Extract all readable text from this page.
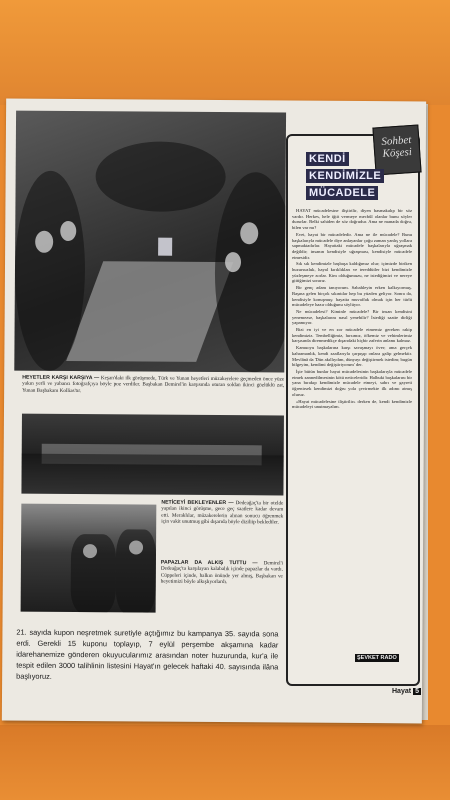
HEYETLER KARŞI KARŞIYA — Keşan'daki ilk görüşmede, Türk ve Yunan heyetleri müzakerelere geçmeden önce yüze yakın yerli ve yabancı fotoğrafçıya böyle poz verdiler. Başbakan Demirel'in karşısında oturan soldan ikinci gözlüklü zat, Yunan Başbakanı Kollias'tır.
NETİCEYİ BEKLEYENLER — Dedeağaç'ta bir otelde yapılan ikinci görüşme, gece geç saatlere kadar devam etti. Meraklılar, müzakerelerin alınan sonucu öğrenmek için vakit unutmuş gibi dışarıda böyle diziliip beklediler.
PAPAZLAR DA ALKIŞ TUTTU — Demirel'i Dedeağaç'ta karşılayan kalabalık içinde papazlar da vardı. Cüppeleri içinde, halkın önünde yer almış, Başbakan ve heyetimizi böyle alkışlıyorlardı.
21. sayıda kupon neşretmek suretiyle açtığımız bu kampanya 35. sayıda sona erdi. Gerekli 15 kuponu toplayıp, 7 eylül perşembe akşamına kadar idarehanemize gönderen okuyucularımız arasından noter huzurunda, kur'a ile tespit edilen 3000 talihlinin listesini Hayat'ın gelecek haftaki 40. sayısında ilâna başlıyoruz.
Sohbet
Köşesi
KENDİ
KENDİMİZLE
MÜCADELE

HAYAT mücadelesine iliştirilir, diyen basmakalıp bir söz vardır. Herkes, hele iğtit vermeye mecbûl olanlar bunu söyler dururlar. Belki sahiden de söz doğrudur. Ama ne manada doğru, bilen var mı?

Evet, hayat bir mücadeledir. Ama ne ile mücadele? Bunu başkalarıyla mücadele diye anlayanlar çoğu zaman yanlış yollara sapmaktadırlar. Hayattaki mücadele başkalarıyla uğraşmak değildir; insanın kendisiyle uğraşması, kendisiyle mücadele etmesidir.

Sık sık kendimizle başbaşa kaldığımız olur; içimizde biriken huzursuzluk, hayal kırıklıkları ve tereddütler bizi kendimizle yüzleşmeye zorlar. Kim olduğumuzu, ne istediğimizi ve nereye gittiğimizi sorarız.

Bir genç adam tanıyorum. Sabahleyin erken kalkıyormuş. Başına gelen birçok sıkıntılar hep bu yüzden geliyor. Sonra da, kendisiyle konuşmuş: hayatta muvaffak olmak için her türlü mücadeleye hazır olduğunu söylüyor.

Ne mücadelesi? Kiminle mücadele? Bir insan kendisini yenemezse, başkalarını nasıl yenebilir? İstediği saatte dirliği yapamıyor.

Bizi en iyi ve en zor mücadele etmemiz gereken rakip kendimiziz. Tembelliğimiz, hırsımız, öfkemiz ve vehimlerimiz karşısında direnmedikçe dışarıdaki hiçbir zaferin anlamı kalmaz.

Kamuoyu başkalarına karşı savaşmayı över; ama gerçek kahramanlık, kendi zaaflarıyla çarpışıp onlara galip gelmektir. Mevlânâ da 'Dün akıllıydım, dünyayı değiştirmek istedim; bugün bilgeyim, kendimi değiştiriyorum' der.

İşte bütün bunlar hayat mücadelesinin başkalarıyla mücadele etmek zannedilmesinin kötü neticeleridir. Halbuki başkalarını bir yana bırakıp kendimizle mücadele etmeyi, sabrı ve gayreti öğrenirsek kendimizi doğru yola çevirmekte ilk adımı atmış oluruz.

«Hayat mücadelesine iliştirilir» derken de, kendi kendimizle mücadeleyi unutmayalım.

ŞEVKET RADO
Hayat 5
